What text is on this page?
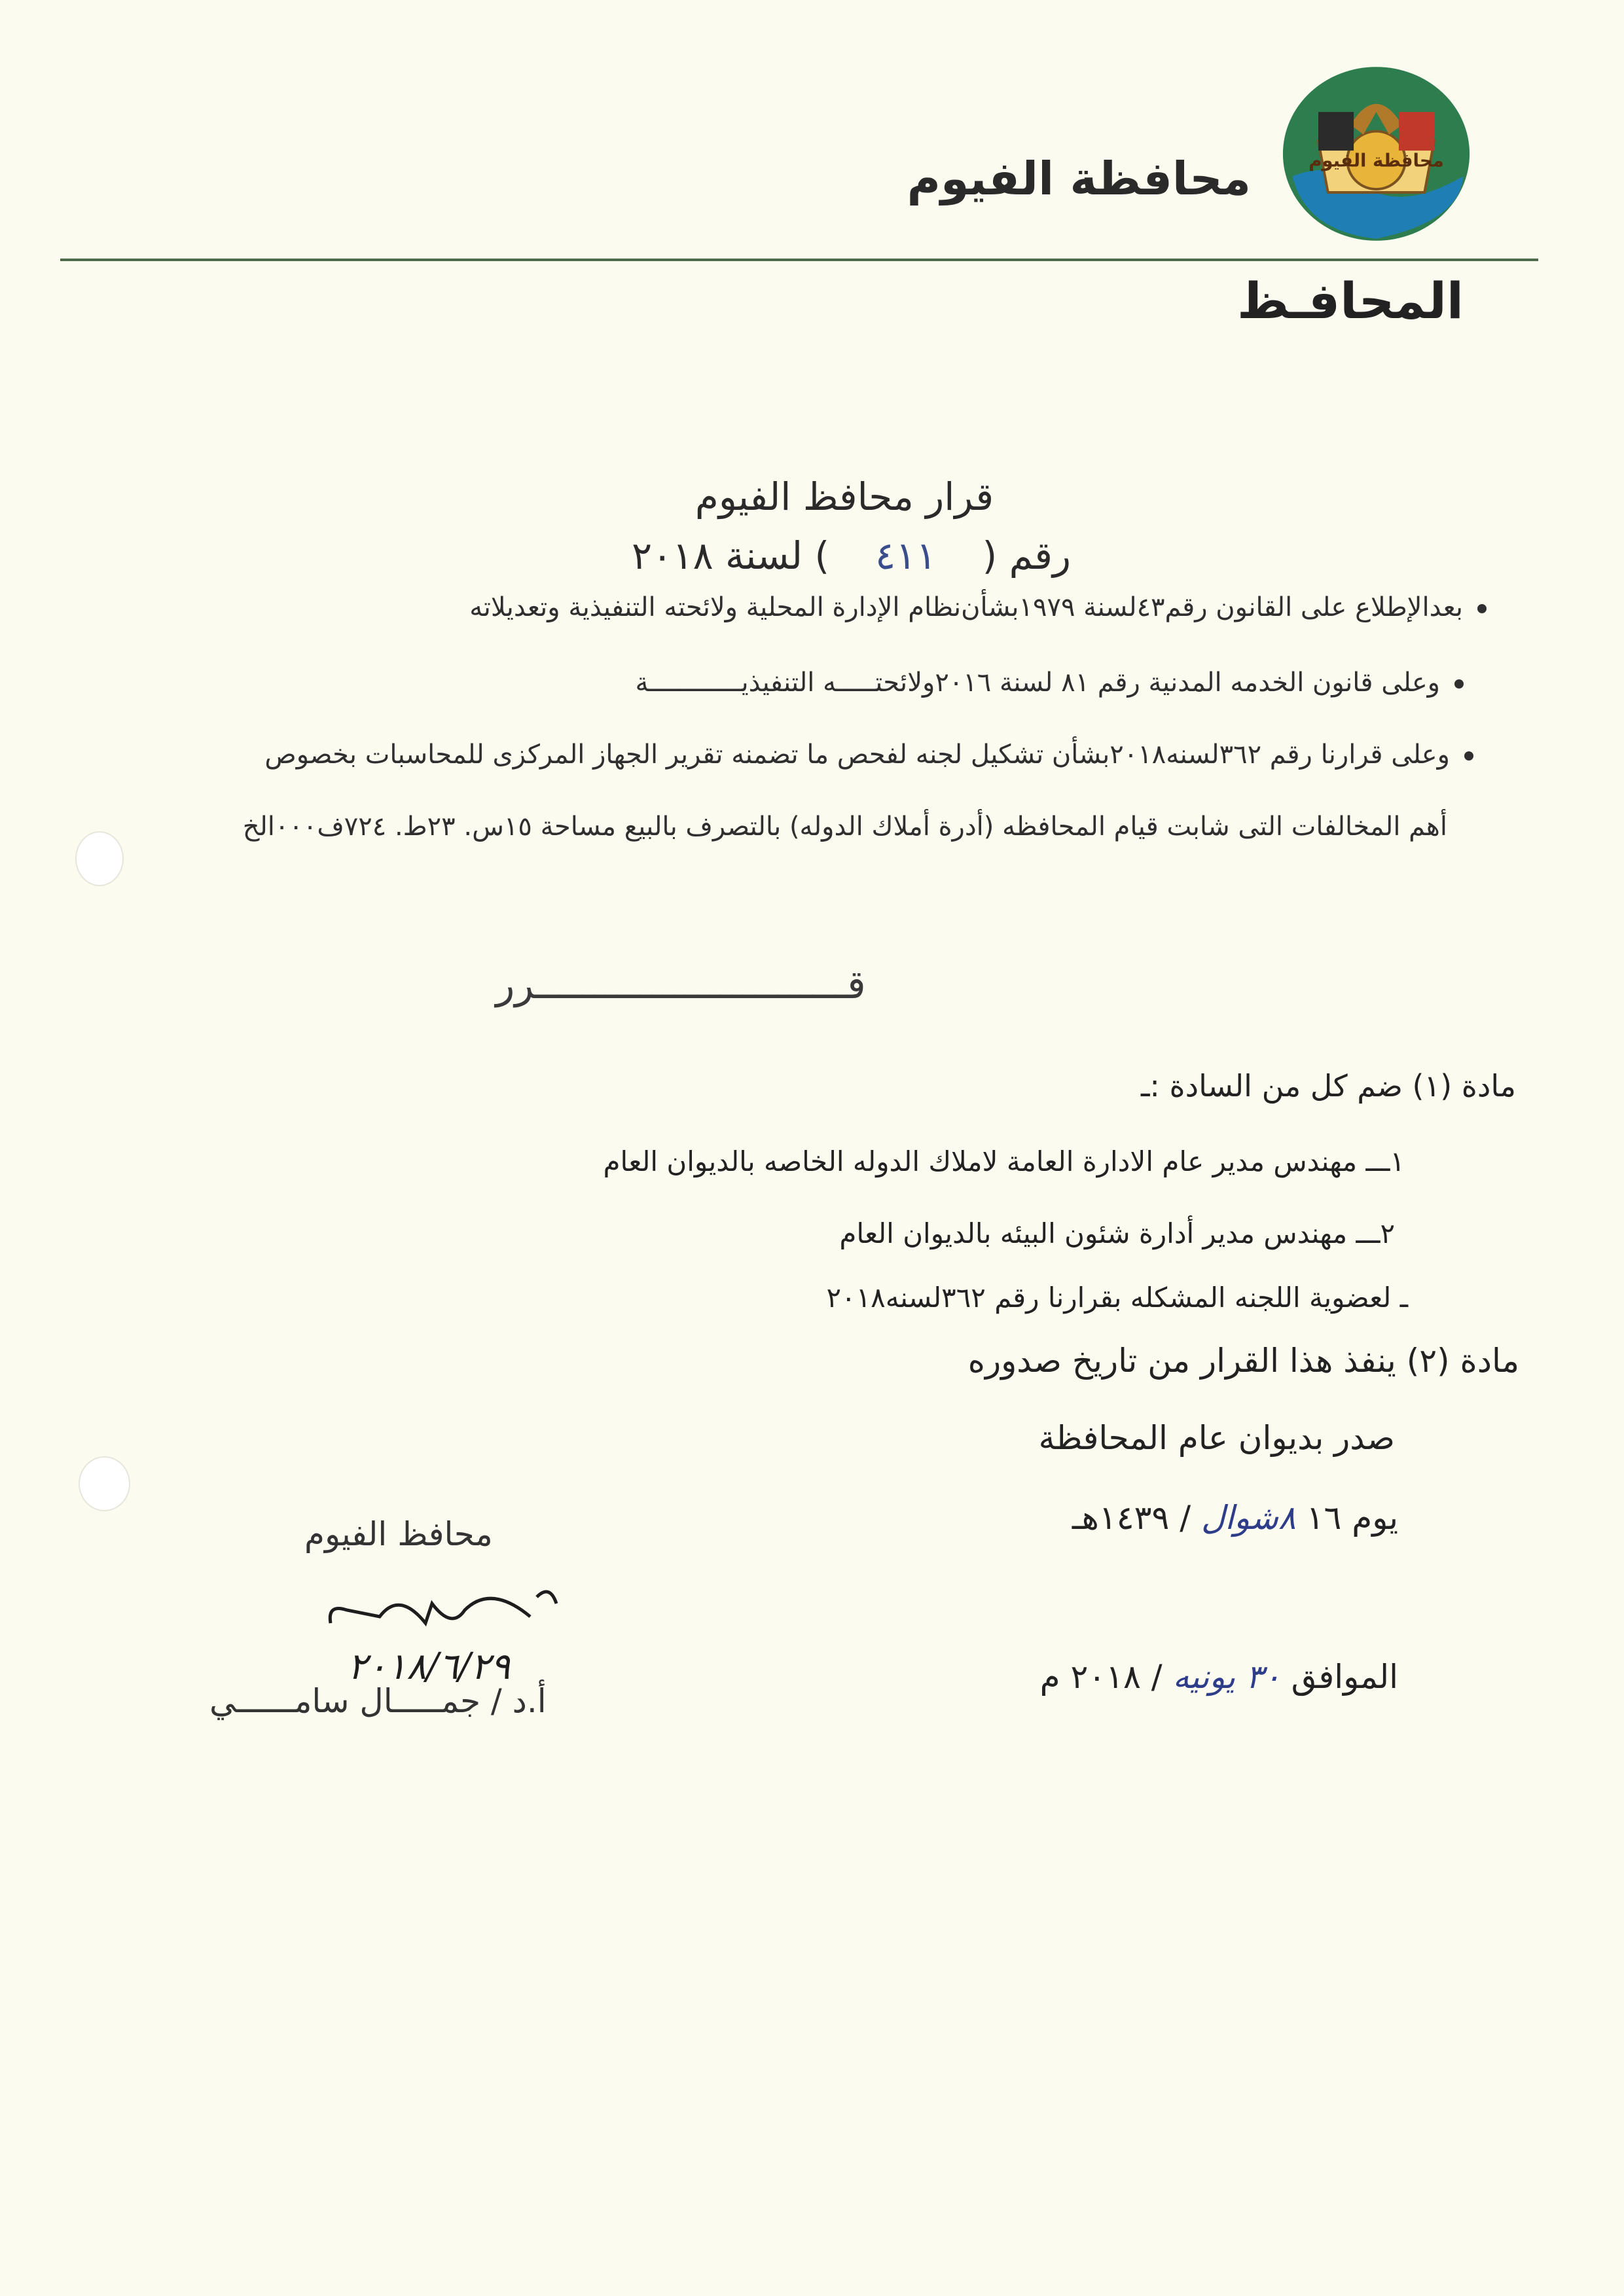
محافظة الفيوم
محافظة الفيوم
المحافـظ
قرار محافظ الفيوم
رقم (٤١١) لسنة ٢٠١٨
بعدالإطلاع على القانون رقم٤٣لسنة ١٩٧٩بشأن‌نظام الإدارة المحلية ولائحته التنفيذية وتعديلاته
وعلى قانون الخدمه المدنية رقم ٨١ لسنة ٢٠١٦ولائحتـــــه التنفيذيــــــــــــة
وعلى قرارنا رقم ٣٦٢لسنه٢٠١٨بشأن تشكيل لجنه لفحص ما تضمنه تقرير الجهاز المركزى للمحاسبات بخصوص
أهم المخالفات التى شابت قيام المحافظه (أدرة أملاك الدوله) بالتصرف بالبيع مساحة ١٥س. ٢٣ط. ٧٢٤ف٠٠٠الخ
قـــــــــــــــــــــــــــرر
مادة (١) ضم كل من السادة :ـ
١ـــ مهندس مدير عام الادارة العامة لاملاك الدوله الخاصه بالديوان العام
٢ـــ مهندس مدير أدارة شئون البيئه بالديوان العام
ـ لعضوية اللجنه المشكله بقرارنا رقم ٣٦٢لسنه٢٠١٨
مادة (٢) ينفذ هذا القرار من تاريخ صدوره
صدر بديوان عام المحافظة
يوم ١٦ ٨شوال / ١٤٣٩هـ
الموافق ٣٠ يونيه / ٢٠١٨ م
محافظ الفيوم
٢٠١٨/٦/٢٩
أ.د / جمـــــال سامــــــي
